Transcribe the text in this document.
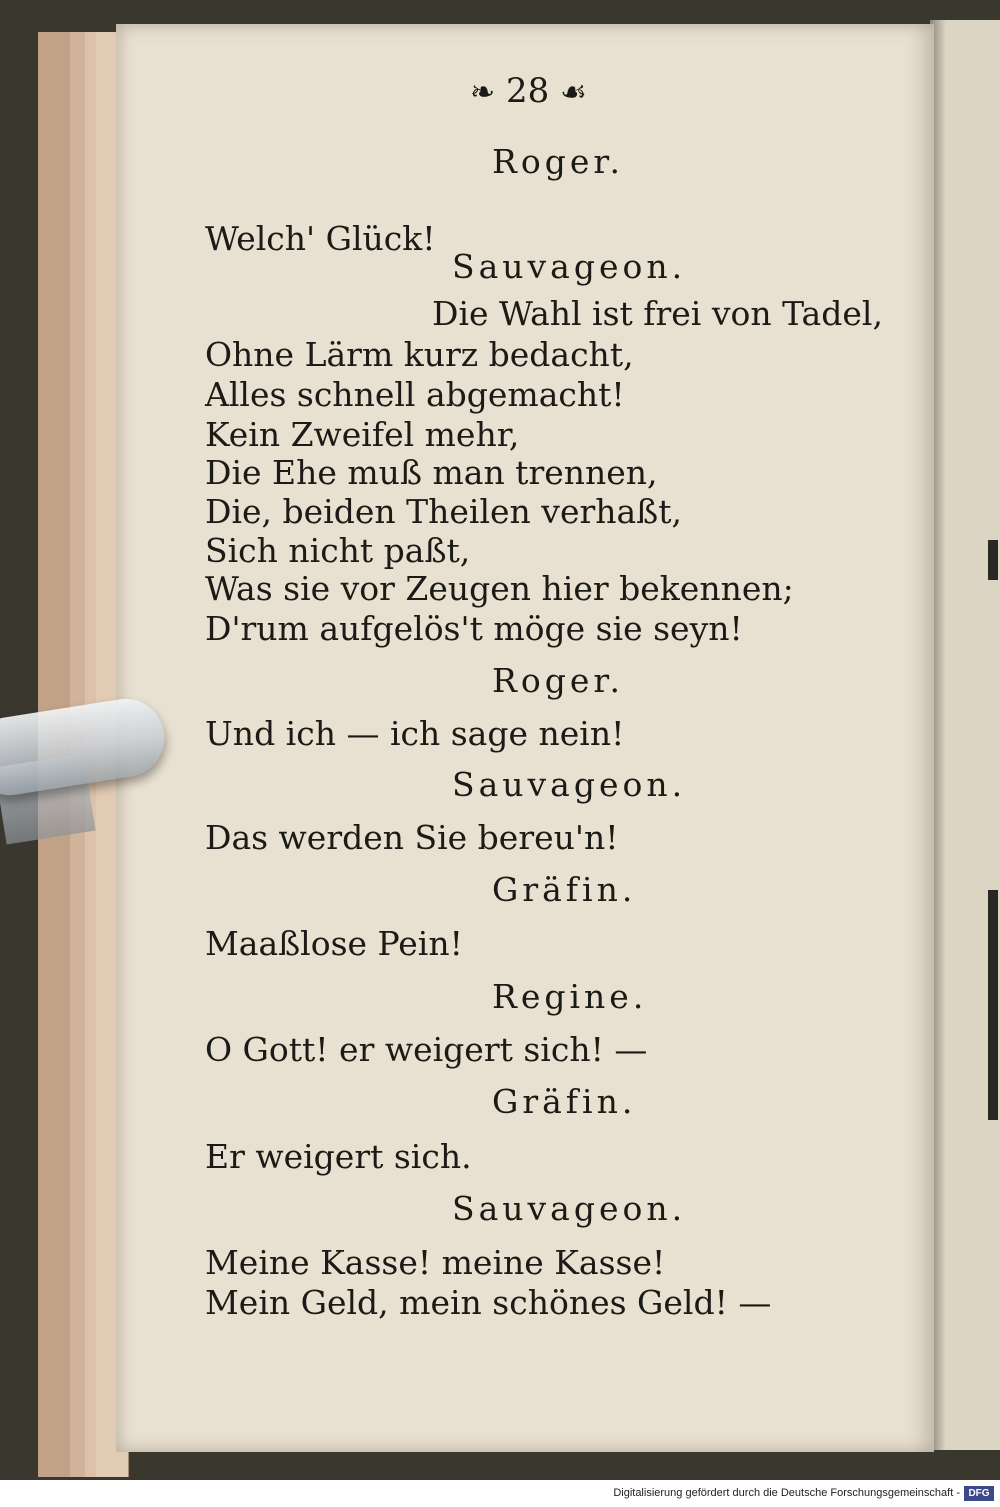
❧ 28 ☙
Roger.
Welch' Glück!
Sauvageon.
Die Wahl ist frei von Tadel,
Ohne Lärm kurz bedacht,
Alles schnell abgemacht!
Kein Zweifel mehr,
Die Ehe muß man trennen,
Die, beiden Theilen verhaßt,
Sich nicht paßt,
Was sie vor Zeugen hier bekennen;
D'rum aufgelös't möge sie seyn!
Roger.
Und ich — ich sage nein!
Sauvageon.
Das werden Sie bereu'n!
Gräfin.
Maaßlose Pein!
Regine.
O Gott! er weigert sich! —
Gräfin.
Er weigert sich.
Sauvageon.
Meine Kasse! meine Kasse!
Mein Geld, mein schönes Geld! —
Digitalisierung gefördert durch die Deutsche Forschungsgemeinschaft - DFG
